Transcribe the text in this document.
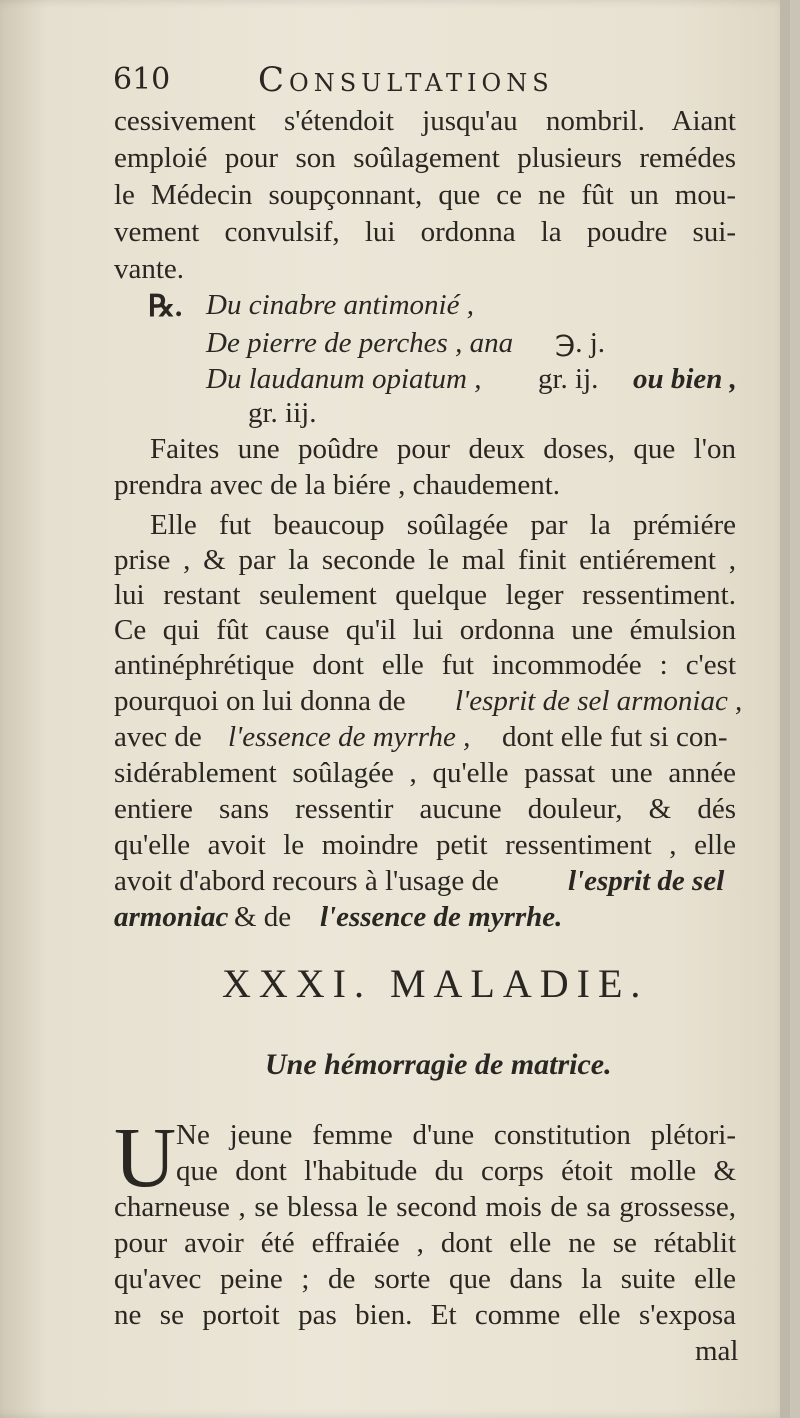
610	Consultations
cessivement s'étendoit jusqu'au nombril. Aiant
emploié pour son soûlagement plusieurs remédes
le Médecin soupçonnant, que ce ne fût un mou-
vement convulsif, lui ordonna la poudre sui-
vante.
℞. Du cinabre antimonié ,
De pierre de perches , ana ℈. j.
Du laudanum opiatum , gr. ij. ou bien ,
gr. iij.
Faites une poûdre pour deux doses, que l'on
prendra avec de la biére , chaudement.
Elle fut beaucoup soûlagée par la prémiére
prise , & par la seconde le mal finit entiérement ,
lui restant seulement quelque leger ressentiment.
Ce qui fût cause qu'il lui ordonna une émulsion
antinéphrétique dont elle fut incommodée : c'est
pourquoi on lui donna de l'esprit de sel armoniac ,
avec de l'essence de myrrhe , dont elle fut si con-
sidérablement soûlagée , qu'elle passat une année
entiere sans ressentir aucune douleur, & dés
qu'elle avoit le moindre petit ressentiment , elle
avoit d'abord recours à l'usage de l'esprit de sel
armoniac & de l'essence de myrrhe.
XXXI. MALADIE.
Une hémorragie de matrice.
U Ne jeune femme d'une constitution plétori-
que dont l'habitude du corps étoit molle &
charneuse , se blessa le second mois de sa grossesse,
pour avoir été effraiée , dont elle ne se rétablit
qu'avec peine ; de sorte que dans la suite elle
ne se portoit pas bien. Et comme elle s'exposa
mal
